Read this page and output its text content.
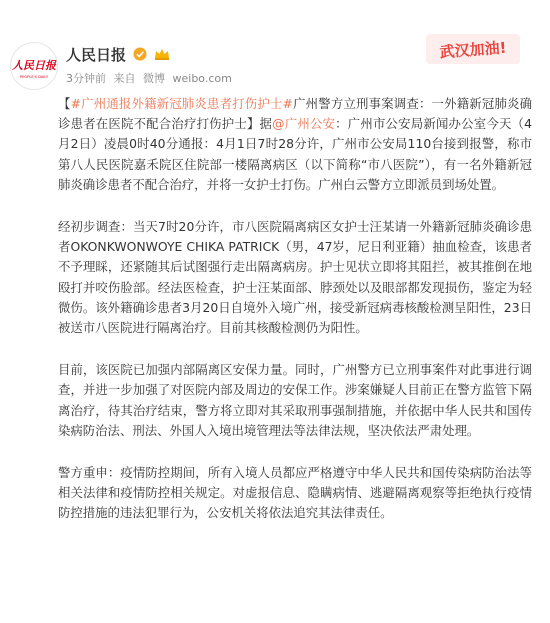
人民日报
PEOPLE'S DAILY
人民日报

3分钟前 来自 微博 weibo.com
武汉加油!

【#广州通报外籍新冠肺炎患者打伤护士#广州警方立刑事案调查：一外籍新冠肺炎确诊患者在医院不配合治疗打伤护士】据@广州公安：广州市公安局新闻办公室今天（4月2日）凌晨0时40分通报：4月1日7时28分许，广州市公安局110台接到报警，称市第八人民医院嘉禾院区住院部一楼隔离病区（以下简称“市八医院”），有一名外籍新冠肺炎确诊患者不配合治疗，并将一女护士打伤。广州白云警方立即派员到场处置。

经初步调查：当天7时20分许，市八医院隔离病区女护士汪某请一外籍新冠肺炎确诊患者OKONKWONWOYE CHIKA PATRICK（男，47岁，尼日利亚籍）抽血检查，该患者不予理睬，还紧随其后试图强行走出隔离病房。护士见状立即将其阻拦，被其推倒在地殴打并咬伤脸部。经法医检查，护士汪某面部、脖颈处以及眼部都发现损伤，鉴定为轻微伤。该外籍确诊患者3月20日自境外入境广州，接受新冠病毒核酸检测呈阳性，23日被送市八医院进行隔离治疗。目前其核酸检测仍为阳性。

目前，该医院已加强内部隔离区安保力量。同时，广州警方已立刑事案件对此事进行调查，并进一步加强了对医院内部及周边的安保工作。涉案嫌疑人目前正在警方监管下隔离治疗，待其治疗结束，警方将立即对其采取刑事强制措施，并依据中华人民共和国传染病防治法、刑法、外国人入境出境管理法等法律法规，坚决依法严肃处理。

警方重申：疫情防控期间，所有入境人员都应严格遵守中华人民共和国传染病防治法等相关法律和疫情防控相关规定。对虚报信息、隐瞒病情、逃避隔离观察等拒绝执行疫情防控措施的违法犯罪行为，公安机关将依法追究其法律责任。
